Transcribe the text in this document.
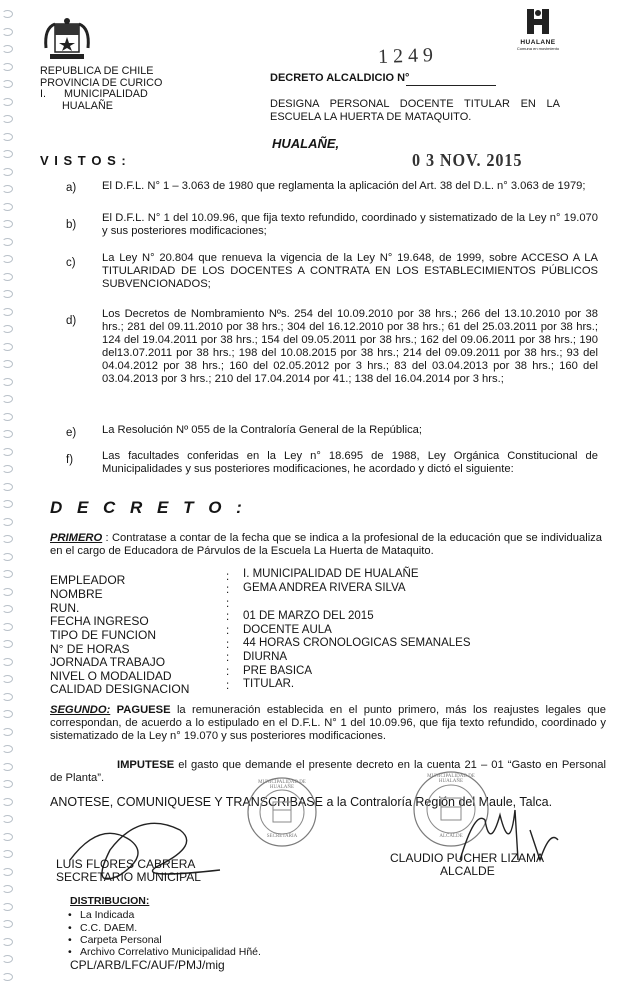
REPUBLICA DE CHILE
PROVINCIA DE CURICO
I.      MUNICIPALIDAD
HUALAÑE
HUALANE
Comuna en movimiento
DECRETO ALCALDICIO N°
1249
DESIGNA PERSONAL DOCENTE TITULAR EN LA ESCUELA LA HUERTA DE MATAQUITO.
HUALAÑE,
0 3 NOV. 2015
V I S T O S :
a) El D.F.L. N° 1 – 3.063 de 1980 que reglamenta la aplicación del Art. 38 del D.L. n° 3.063 de 1979;
b)
El D.F.L. N° 1 del 10.09.96, que fija texto refundido, coordinado y sistematizado de la Ley n° 19.070 y sus posteriores modificaciones;
c) La Ley N° 20.804 que renueva la vigencia de la Ley N° 19.648, de 1999, sobre ACCESO A LA TITULARIDAD DE LOS DOCENTES A CONTRATA EN LOS ESTABLECIMIENTOS PÚBLICOS SUBVENCIONADOS;
d)
Los Decretos de Nombramiento Nºs. 254 del 10.09.2010 por 38 hrs.; 266 del 13.10.2010 por 38 hrs.; 281 del 09.11.2010 por 38 hrs.; 304 del 16.12.2010 por 38 hrs.; 61 del 25.03.2011 por 38 hrs.; 124 del 19.04.2011 por 38 hrs.; 154 del 09.05.2011 por 38 hrs.; 162 del 09.06.2011 por 38 hrs.; 190 del13.07.2011 por 38 hrs.; 198 del 10.08.2015 por 38 hrs.; 214 del 09.09.2011 por 38 hrs.; 93 del 04.04.2012 por 38 hrs.; 160 del 02.05.2012 por 3 hrs.; 83 del 03.04.2013 por 38 hrs.; 160 del 03.04.2013 por 3 hrs.; 210 del 17.04.2014 por 41.; 138 del 16.04.2014 por 3 hrs.;
e) La Resolución Nº 055 de la Contraloría General de la República;
f)	Las facultades conferidas en la Ley n° 18.695 de 1988, Ley Orgánica Constitucional de Municipalidades y sus posteriores modificaciones, he acordado y dictó el siguiente:
D E C R E T O :
PRIMERO : Contratase a contar de la fecha que se indica a la profesional de la educación que se individualiza en el cargo de Educadora de Párvulos de la Escuela La Huerta de Mataquito.
EMPLEADOR	: I. MUNICIPALIDAD DE HUALAÑE
NOMBRE	: GEMA ANDREA RIVERA SILVA
RUN.	:
FECHA INGRESO	: 01 DE MARZO DEL 2015
TIPO DE FUNCION	: DOCENTE AULA
N° DE HORAS	: 44 HORAS CRONOLOGICAS SEMANALES
JORNADA TRABAJO	: DIURNA
NIVEL O MODALIDAD	: PRE BASICA
CALIDAD DESIGNACION	: TITULAR.
SEGUNDO: PAGUESE la remuneración establecida en el punto primero, más los reajustes legales que correspondan, de acuerdo a lo estipulado en el D.F.L. N° 1 del 10.09.96, que fija texto refundido, coordinado y sistematizado de la Ley n° 19.070 y sus posteriores modificaciones.
IMPUTESE el gasto que demande el presente decreto en la cuenta 21 – 01 “Gasto en Personal de Planta”.
ANOTESE, COMUNIQUESE Y TRANSCRIBASE a la Contraloría Región del Maule, Talca.
MUNICIPALIDAD DE HUALAÑE
SECRETARIA
MUNICIPALIDAD DE HUALAÑE
ALCALDE
LUIS FLORES CABRERA
SECRETARIO MUNICIPAL
CLAUDIO PUCHER LIZAMA
ALCALDE
DISTRIBUCION:
• La Indicada
• C.C. DAEM.
• Carpeta Personal
• Archivo Correlativo Municipalidad Hñé.
CPL/ARB/LFC/AUF/PMJ/mig
